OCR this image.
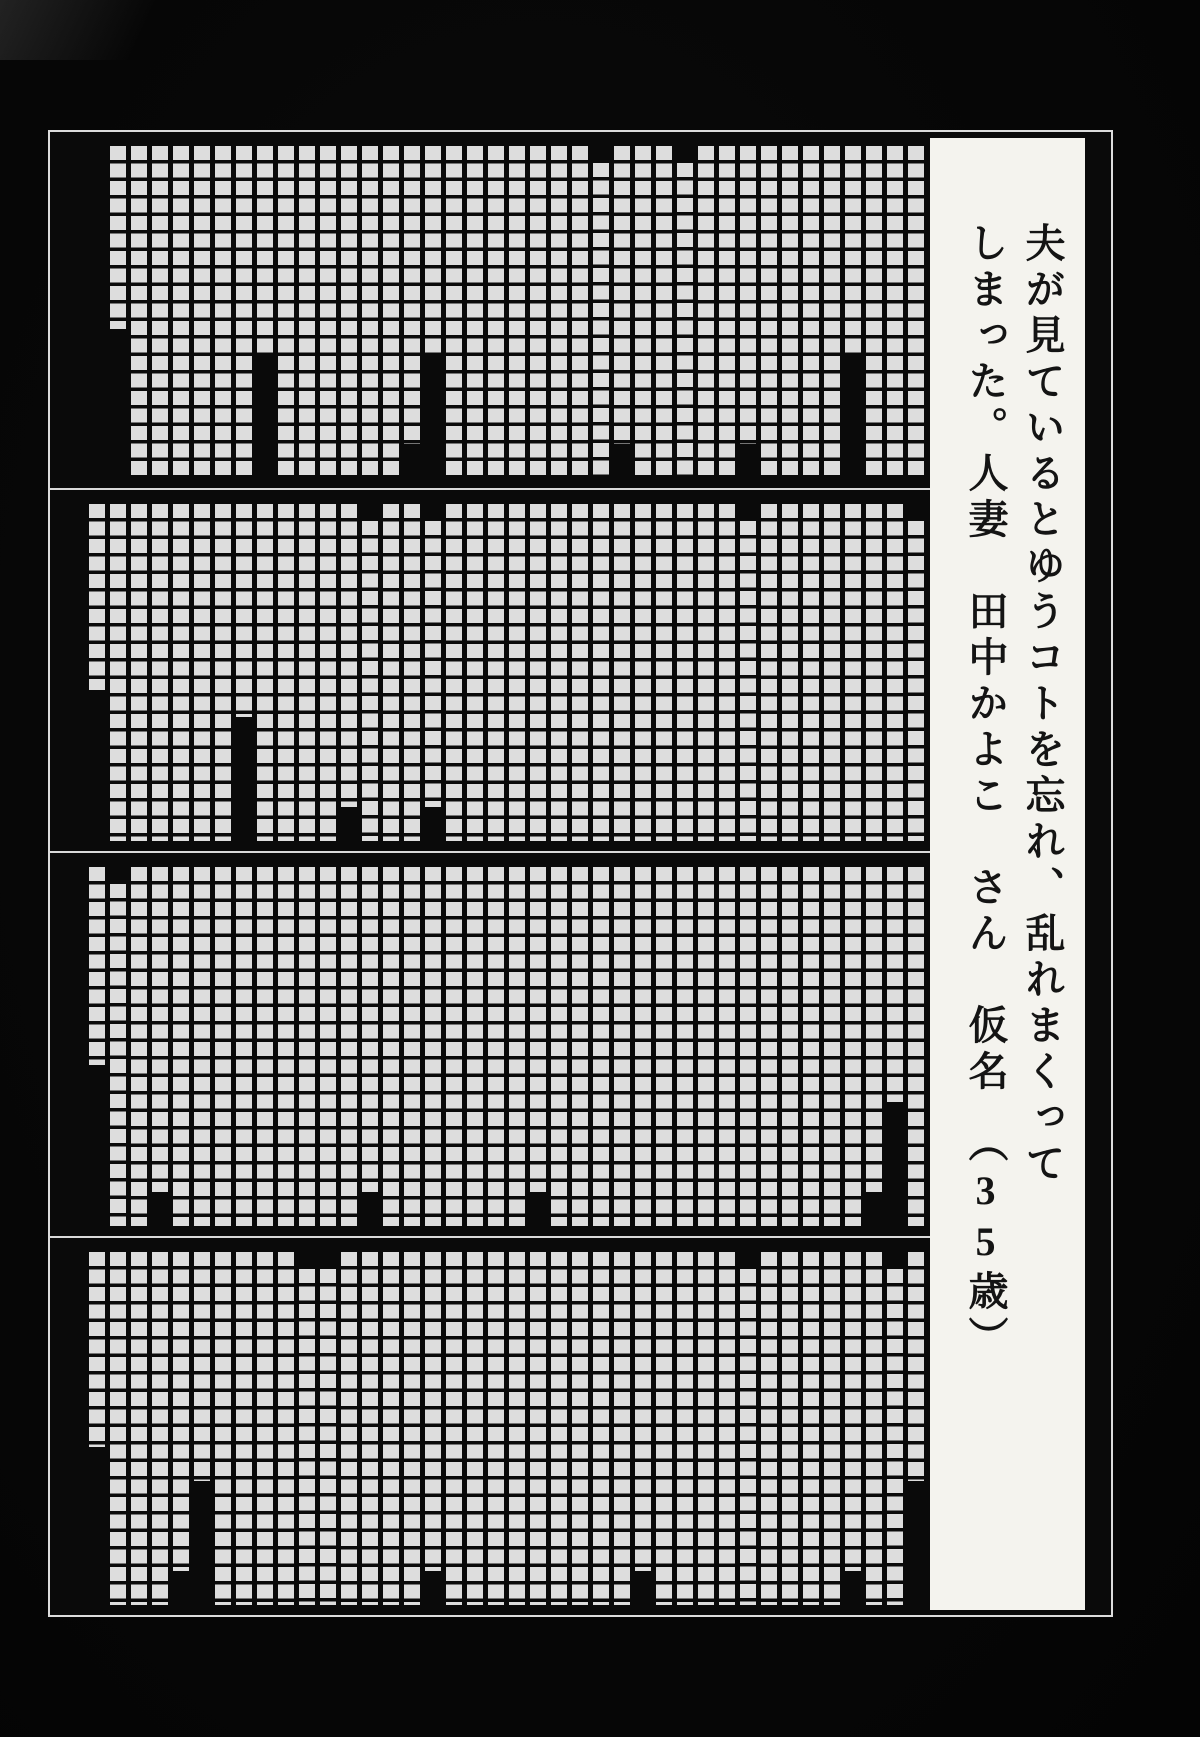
夫が見ているとゆうコトを忘れ、乱れまくって
しまった。人妻　田中かよこ　さん　仮名　（35歳）
